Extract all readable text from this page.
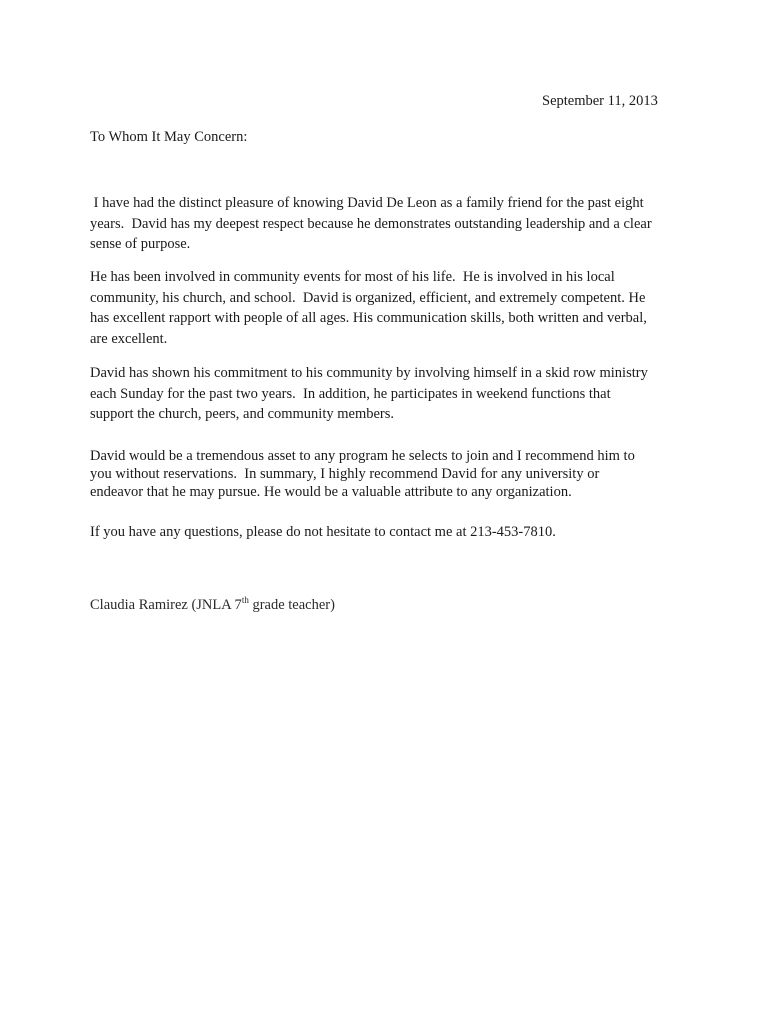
September 11, 2013
To Whom It May Concern:
I have had the distinct pleasure of knowing David De Leon as a family friend for the past eight
years.  David has my deepest respect because he demonstrates outstanding leadership and a clear
sense of purpose.
He has been involved in community events for most of his life.  He is involved in his local
community, his church, and school.  David is organized, efficient, and extremely competent. He
has excellent rapport with people of all ages. His communication skills, both written and verbal,
are excellent.
David has shown his commitment to his community by involving himself in a skid row ministry
each Sunday for the past two years.  In addition, he participates in weekend functions that
support the church, peers, and community members.
David would be a tremendous asset to any program he selects to join and I recommend him to
you without reservations.  In summary, I highly recommend David for any university or
endeavor that he may pursue. He would be a valuable attribute to any organization.
If you have any questions, please do not hesitate to contact me at 213-453-7810.
Claudia Ramirez (JNLA 7th grade teacher)
